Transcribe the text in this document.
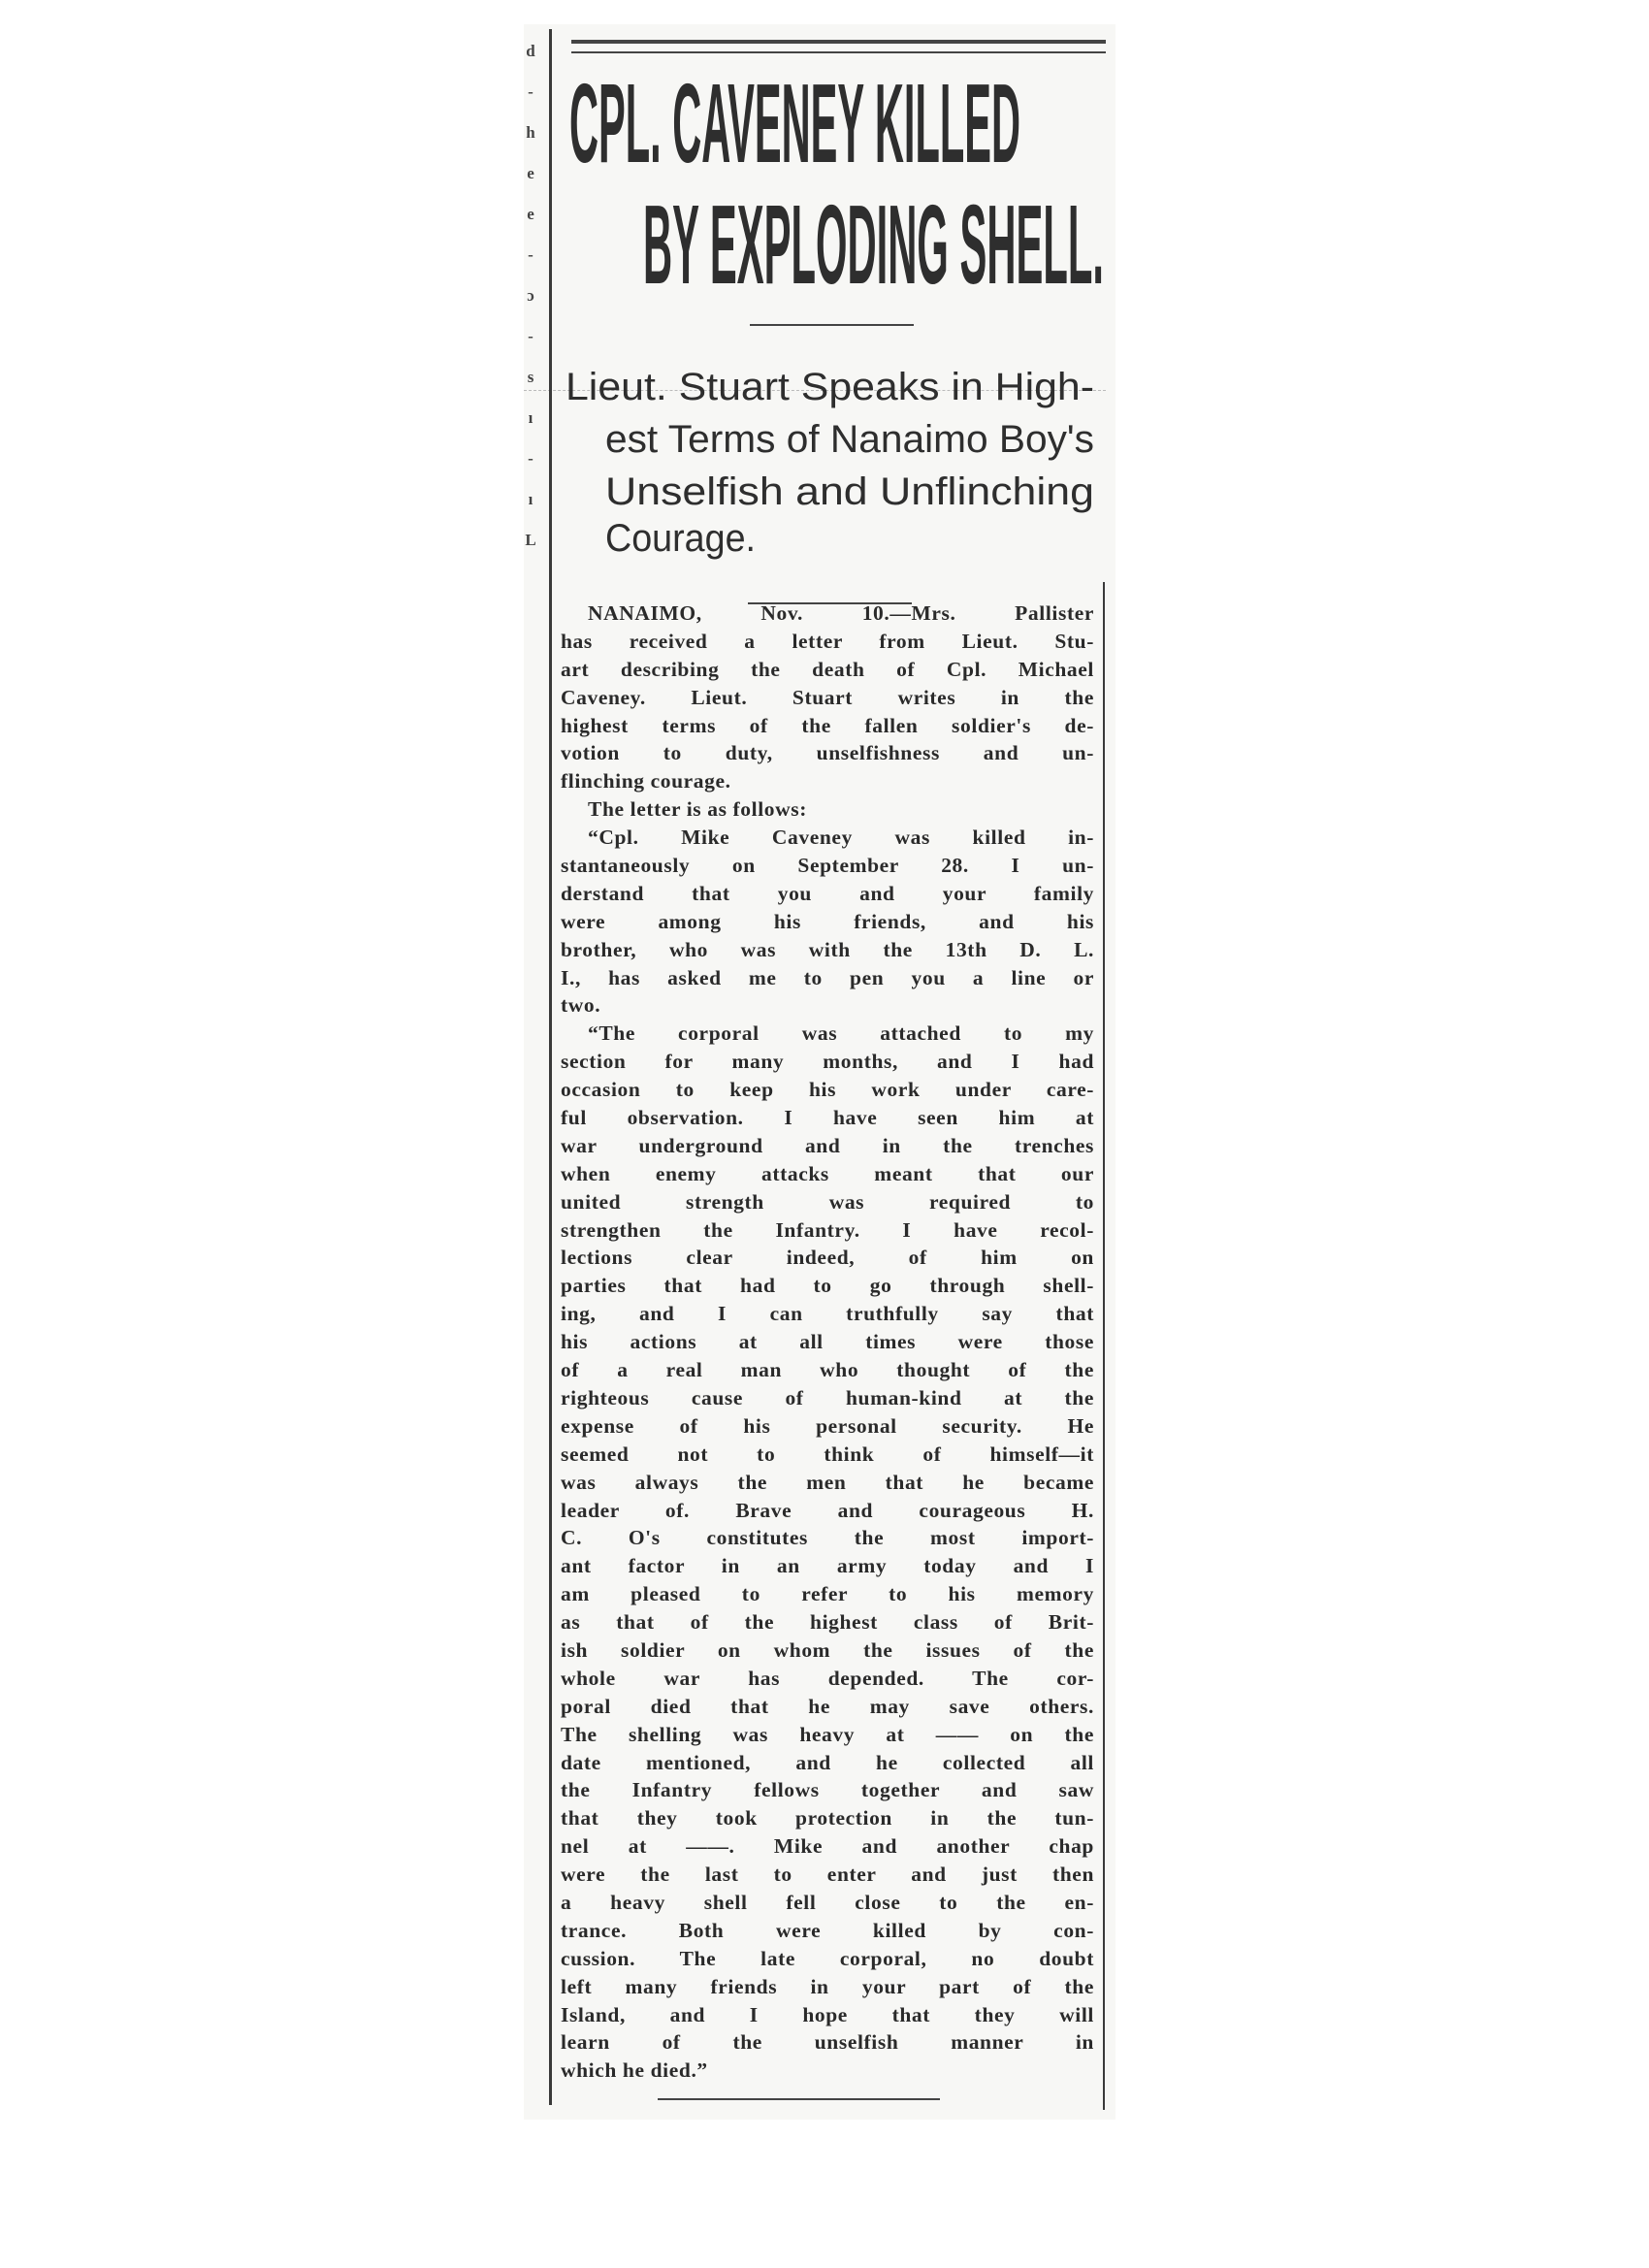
d
-
h
e
e
-
ɔ
-
s
ı
-
ı
L
CPL. CAVENEY KILLED
BY EXPLODING SHELL.
Lieut. Stuart Speaks in High-
est Terms of Nanaimo Boy's
Unselfish and Unflinching
Courage.
NANAIMO, Nov. 10.—Mrs. Pallister
has received a letter from Lieut. Stu-
art describing the death of Cpl. Michael
Caveney. Lieut. Stuart writes in the
highest terms of the fallen soldier's de-
votion to duty, unselfishness and un-
flinching courage.
The letter is as follows:
“Cpl. Mike Caveney was killed in-
stantaneously on September 28. I un-
derstand that you and your family
were among his friends, and his
brother, who was with the 13th D. L.
I., has asked me to pen you a line or
two.
“The corporal was attached to my
section for many months, and I had
occasion to keep his work under care-
ful observation. I have seen him at
war underground and in the trenches
when enemy attacks meant that our
united strength was required to
strengthen the Infantry. I have recol-
lections clear indeed, of him on
parties that had to go through shell-
ing, and I can truthfully say that
his actions at all times were those
of a real man who thought of the
righteous cause of human-kind at the
expense of his personal security. He
seemed not to think of himself—it
was always the men that he became
leader of. Brave and courageous H.
C. O's constitutes the most import-
ant factor in an army today and I
am pleased to refer to his memory
as that of the highest class of Brit-
ish soldier on whom the issues of the
whole war has depended. The cor-
poral died that he may save others.
The shelling was heavy at —— on the
date mentioned, and he collected all
the Infantry fellows together and saw
that they took protection in the tun-
nel at ——. Mike and another chap
were the last to enter and just then
a heavy shell fell close to the en-
trance. Both were killed by con-
cussion. The late corporal, no doubt
left many friends in your part of the
Island, and I hope that they will
learn of the unselfish manner in
which he died.”
